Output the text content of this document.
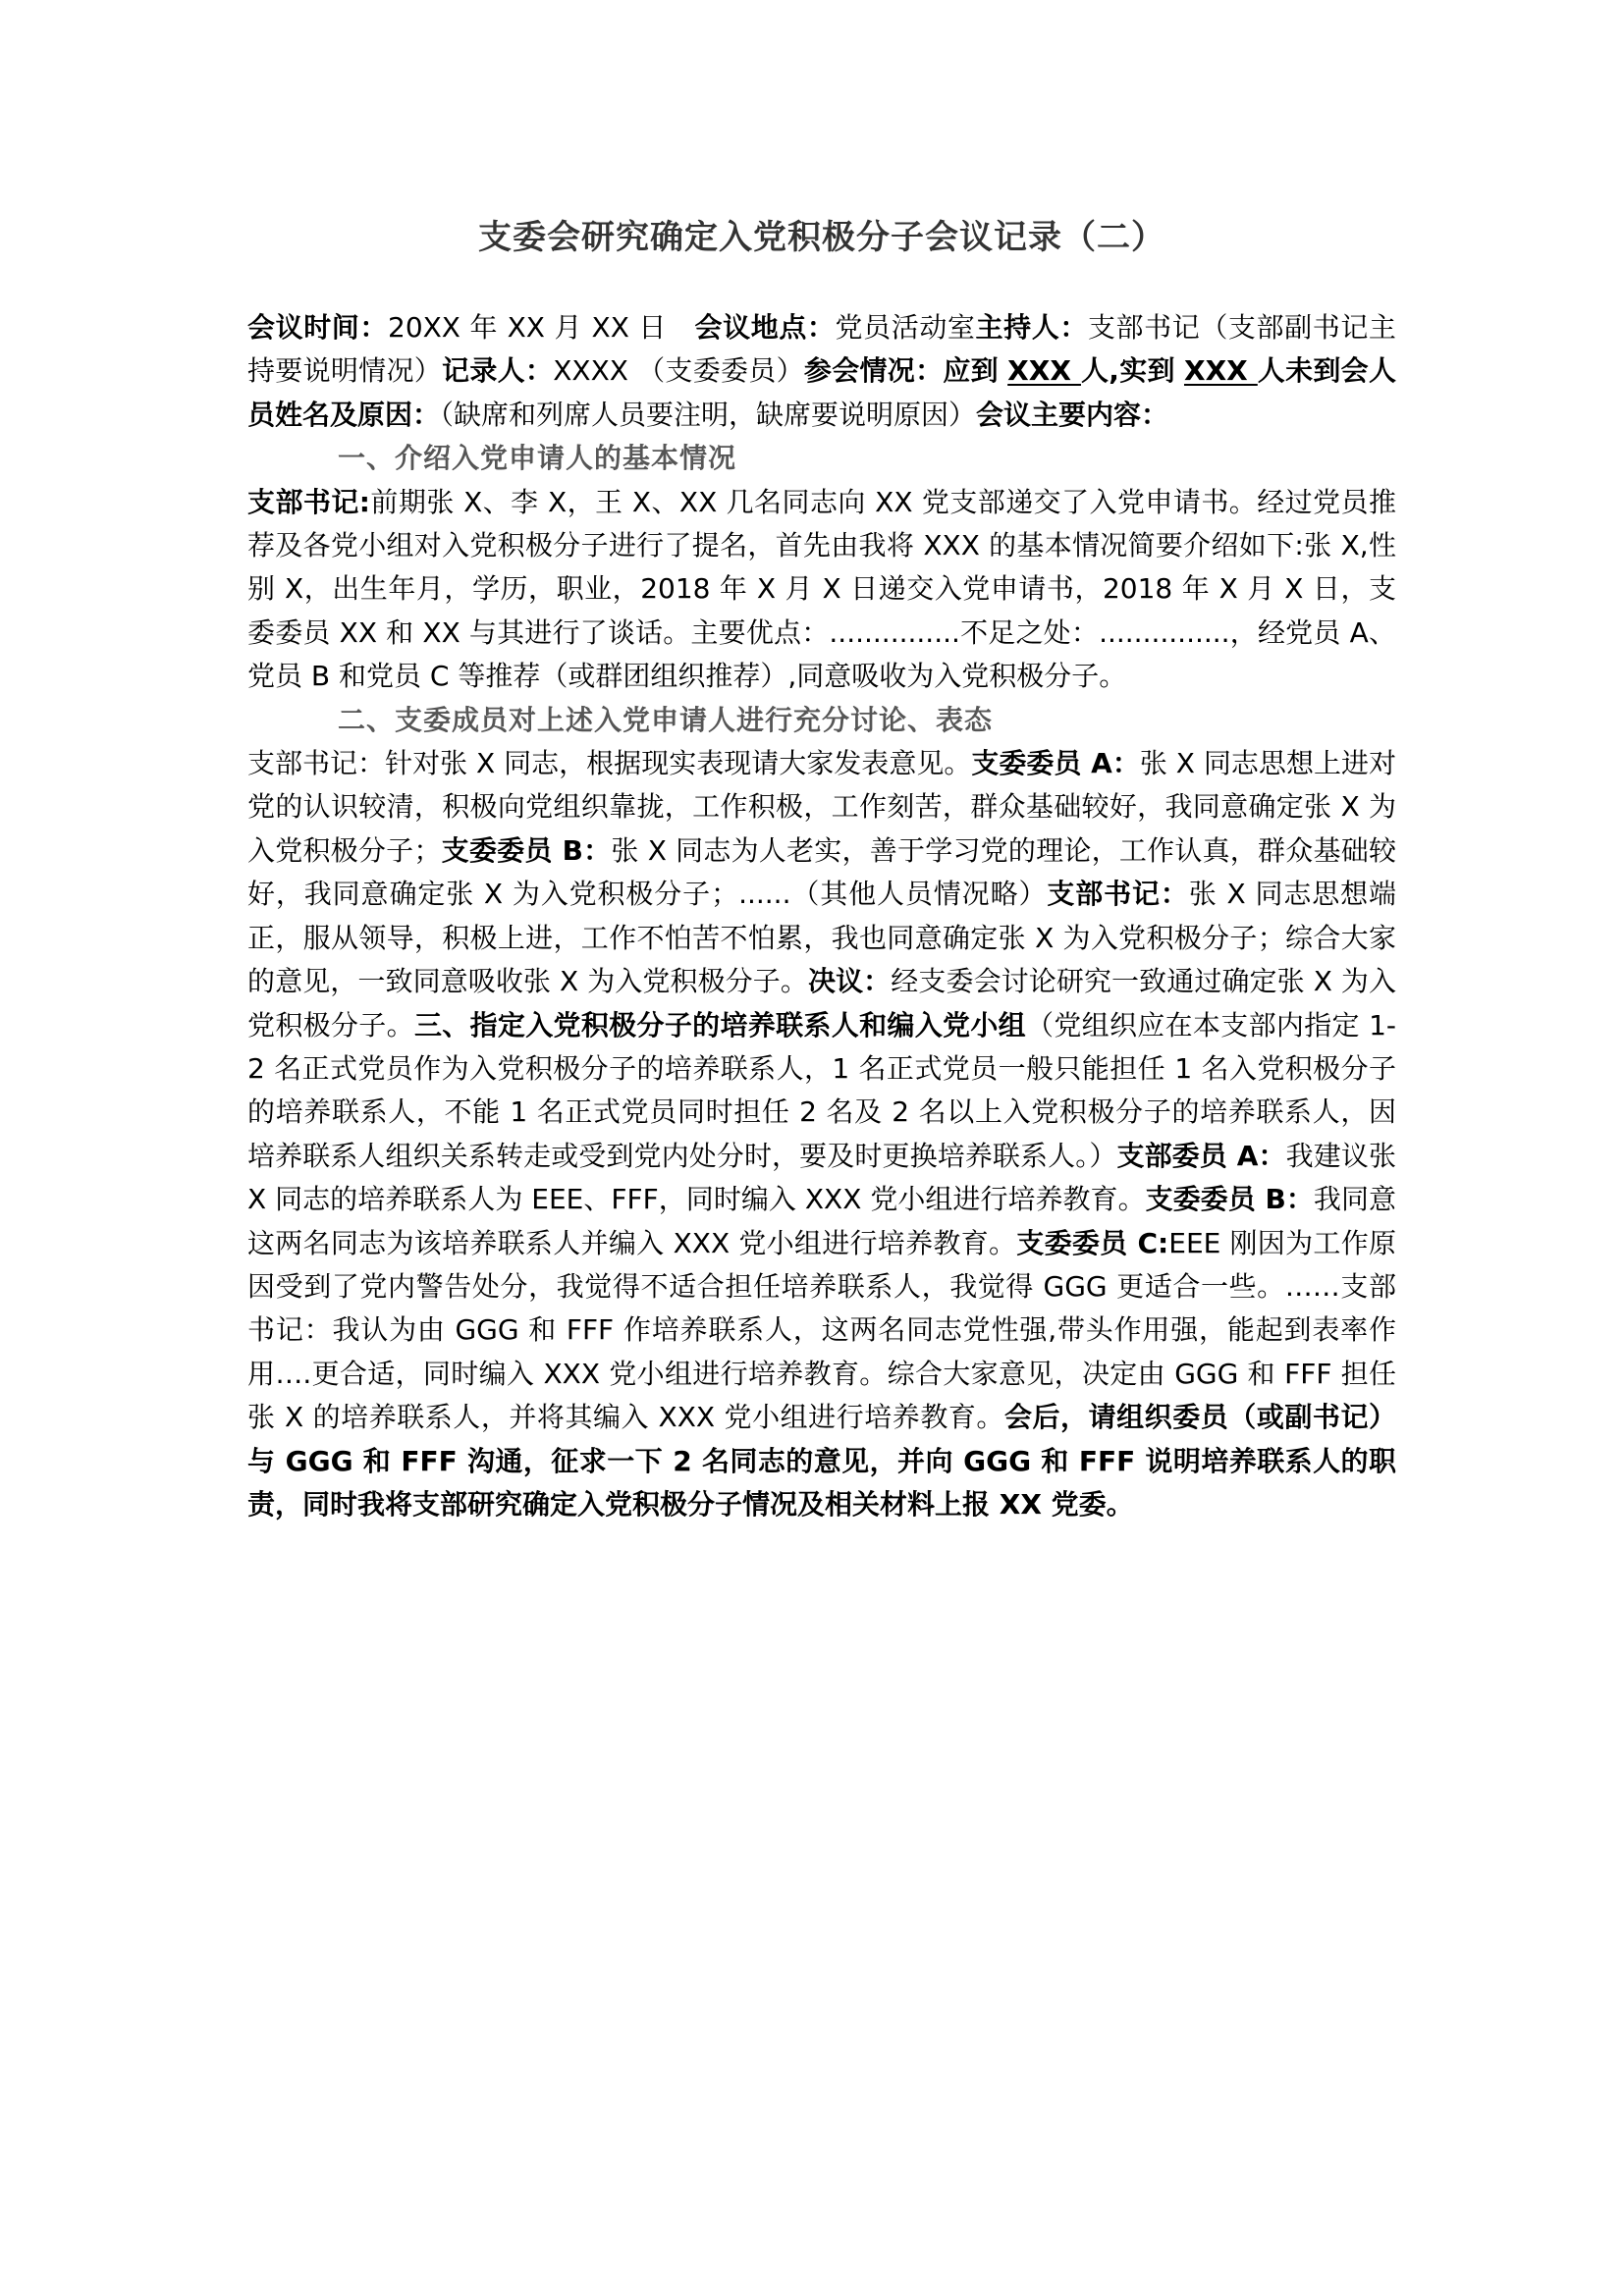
支委会研究确定入党积极分子会议记录（二）

会议时间：20XX 年 XX 月 XX 日 会议地点：党员活动室主持人：支部书记（支部副书记主持要说明情况）记录人：XXXX （支委委员）参会情况：应到 XXX 人,实到 XXX 人未到会人员姓名及原因：（缺席和列席人员要注明，缺席要说明原因）会议主要内容：

一、介绍入党申请人的基本情况

支部书记:前期张 X、李 X，王 X、XX 几名同志向 XX 党支部递交了入党申请书。经过党员推荐及各党小组对入党积极分子进行了提名，首先由我将 XXX 的基本情况简要介绍如下:张 X,性别 X，出生年月，学历，职业，2018 年 X 月 X 日递交入党申请书，2018 年 X 月 X 日，支委委员 XX 和 XX 与其进行了谈话。主要优点：...............不足之处：...............，经党员 A、党员 B 和党员 C 等推荐（或群团组织推荐）,同意吸收为入党积极分子。

二、支委成员对上述入党申请人进行充分讨论、表态

支部书记：针对张 X 同志，根据现实表现请大家发表意见。支委委员 A：张 X 同志思想上进对党的认识较清，积极向党组织靠拢，工作积极，工作刻苦，群众基础较好，我同意确定张 X 为入党积极分子；支委委员 B：张 X 同志为人老实，善于学习党的理论，工作认真，群众基础较好，我同意确定张 X 为入党积极分子；......（其他人员情况略）支部书记：张 X 同志思想端正，服从领导，积极上进，工作不怕苦不怕累，我也同意确定张 X 为入党积极分子；综合大家的意见，一致同意吸收张 X 为入党积极分子。决议：经支委会讨论研究一致通过确定张 X 为入党积极分子。三、指定入党积极分子的培养联系人和编入党小组（党组织应在本支部内指定 1-2 名正式党员作为入党积极分子的培养联系人，1 名正式党员一般只能担任 1 名入党积极分子的培养联系人，不能 1 名正式党员同时担任 2 名及 2 名以上入党积极分子的培养联系人，因培养联系人组织关系转走或受到党内处分时，要及时更换培养联系人。）支部委员 A：我建议张 X 同志的培养联系人为 EEE、FFF，同时编入 XXX 党小组进行培养教育。支委委员 B：我同意这两名同志为该培养联系人并编入 XXX 党小组进行培养教育。支委委员 C:EEE 刚因为工作原因受到了党内警告处分，我觉得不适合担任培养联系人，我觉得 GGG 更适合一些。……支部书记：我认为由 GGG 和 FFF 作培养联系人，这两名同志党性强,带头作用强，能起到表率作用….更合适，同时编入 XXX 党小组进行培养教育。综合大家意见，决定由 GGG 和 FFF 担任张 X 的培养联系人，并将其编入 XXX 党小组进行培养教育。会后，请组织委员（或副书记）与 GGG 和 FFF 沟通，征求一下 2 名同志的意见，并向 GGG 和 FFF 说明培养联系人的职责，同时我将支部研究确定入党积极分子情况及相关材料上报 XX 党委。
